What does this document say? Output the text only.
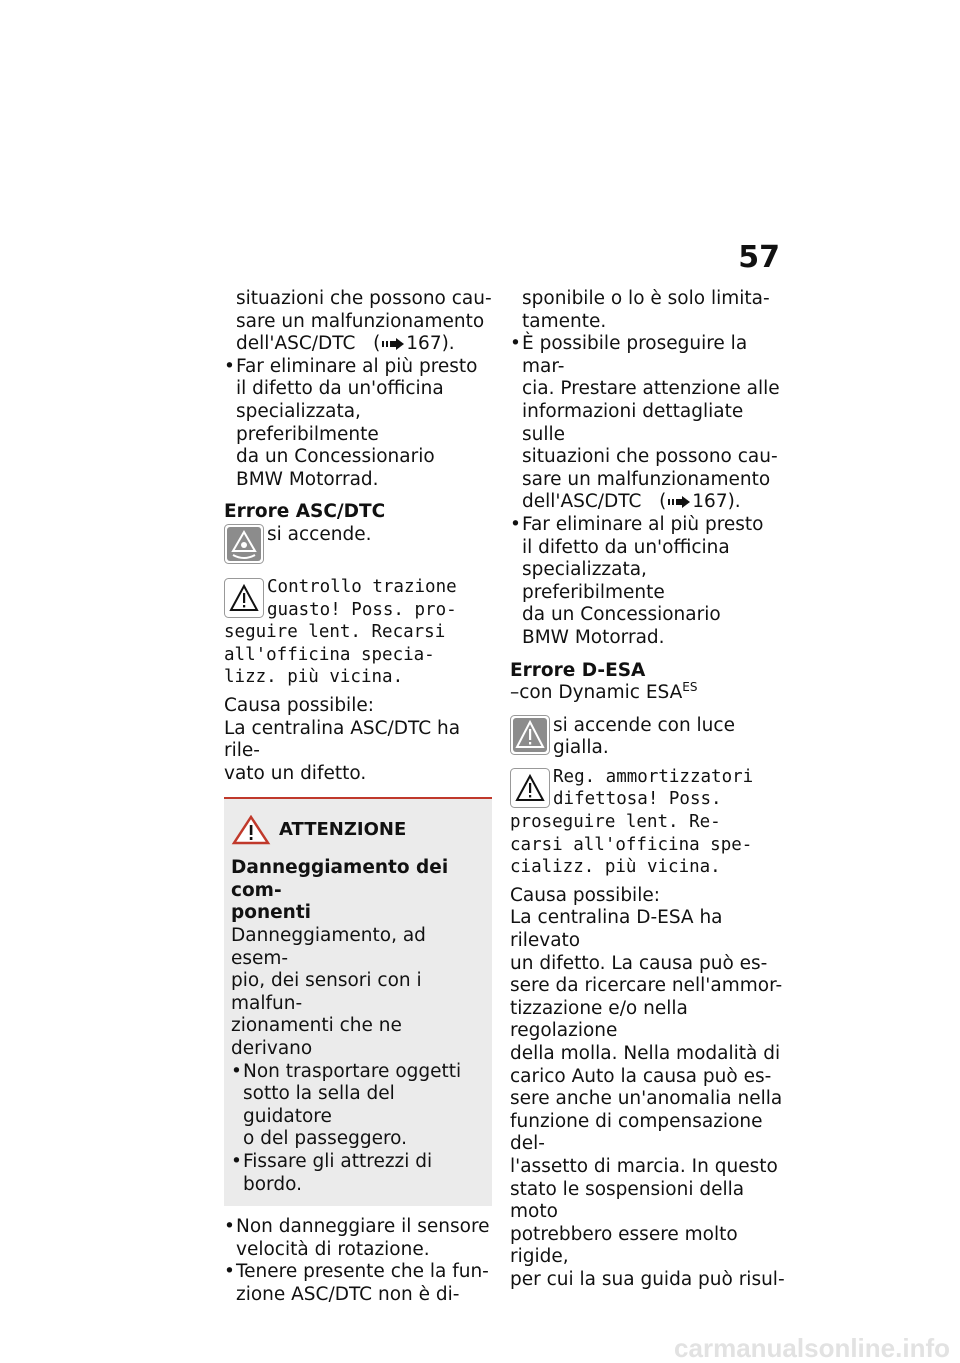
57

situazioni che possono cau-

sare un malfunzionamento

dell'ASC/DTC   ( 167).

• Far eliminare al più presto

il difetto da un'officina

specializzata, preferibilmente

da un Concessionario

BMW Motorrad.

Errore ASC/DTC

si accende.

Controllo trazione

guasto! Poss. pro-

seguire lent. Recarsi

all'officina specia-

lizz. più vicina.

Causa possibile:

La centralina ASC/DTC ha rile-

vato un difetto.

ATTENZIONE

Danneggiamento dei com-

ponenti

Danneggiamento, ad esem-

pio, dei sensori con i malfun-

zionamenti che ne derivano

• Non trasportare oggetti

sotto la sella del guidatore

o del passeggero.

• Fissare gli attrezzi di bordo.

• Non danneggiare il sensore

velocità di rotazione.

• Tenere presente che la fun-

zione ASC/DTC non è di-

sponibile o lo è solo limita-

tamente.

• È possibile proseguire la mar-

cia. Prestare attenzione alle

informazioni dettagliate sulle

situazioni che possono cau-

sare un malfunzionamento

dell'ASC/DTC   ( 167).

• Far eliminare al più presto

il difetto da un'officina

specializzata, preferibilmente

da un Concessionario

BMW Motorrad.

Errore D-ESA

–con Dynamic $ESA^{ES}$

si accende con luce gialla.

Reg. ammortizzatori

difettosa! Poss.

proseguire lent. Re-

carsi all'officina spe-

cializz. più vicina.

Causa possibile:

La centralina D-ESA ha rilevato

un difetto. La causa può es-

sere da ricercare nell'ammor-

tizzazione e/o nella regolazione

della molla. Nella modalità di

carico Auto la causa può es-

sere anche un'anomalia nella

funzione di compensazione del-

l'assetto di marcia. In questo

stato le sospensioni della moto

potrebbero essere molto rigide,

per cui la sua guida può risul-

carmanualsonline.info
